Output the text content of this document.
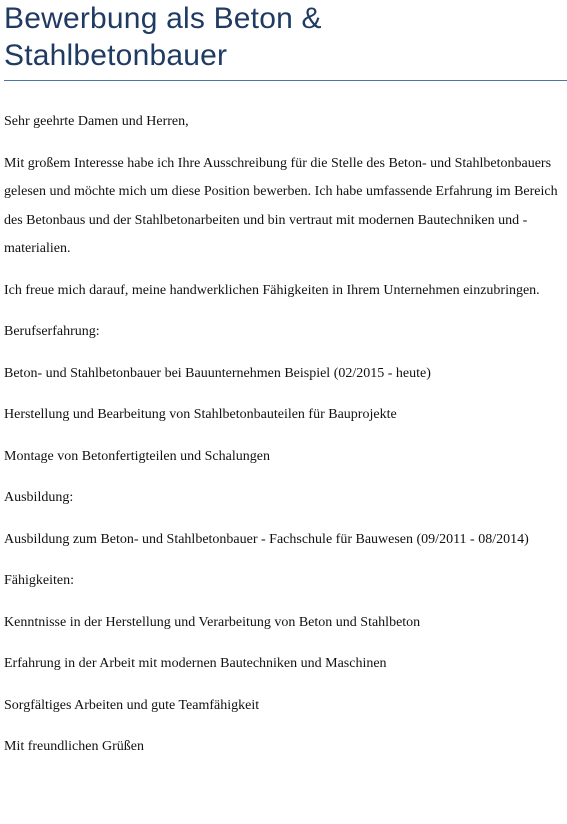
Bewerbung als Beton &
Stahlbetonbauer

Sehr geehrte Damen und Herren,

Mit großem Interesse habe ich Ihre Ausschreibung für die Stelle des Beton- und Stahlbetonbauers gelesen und möchte mich um diese Position bewerben. Ich habe umfassende Erfahrung im Bereich des Betonbaus und der Stahlbetonarbeiten und bin vertraut mit modernen Bautechniken und -materialien.

Ich freue mich darauf, meine handwerklichen Fähigkeiten in Ihrem Unternehmen einzubringen.

Berufserfahrung:

Beton- und Stahlbetonbauer bei Bauunternehmen Beispiel (02/2015 - heute)

Herstellung und Bearbeitung von Stahlbetonbauteilen für Bauprojekte

Montage von Betonfertigteilen und Schalungen

Ausbildung:

Ausbildung zum Beton- und Stahlbetonbauer - Fachschule für Bauwesen (09/2011 - 08/2014)

Fähigkeiten:

Kenntnisse in der Herstellung und Verarbeitung von Beton und Stahlbeton

Erfahrung in der Arbeit mit modernen Bautechniken und Maschinen

Sorgfältiges Arbeiten und gute Teamfähigkeit

Mit freundlichen Grüßen
